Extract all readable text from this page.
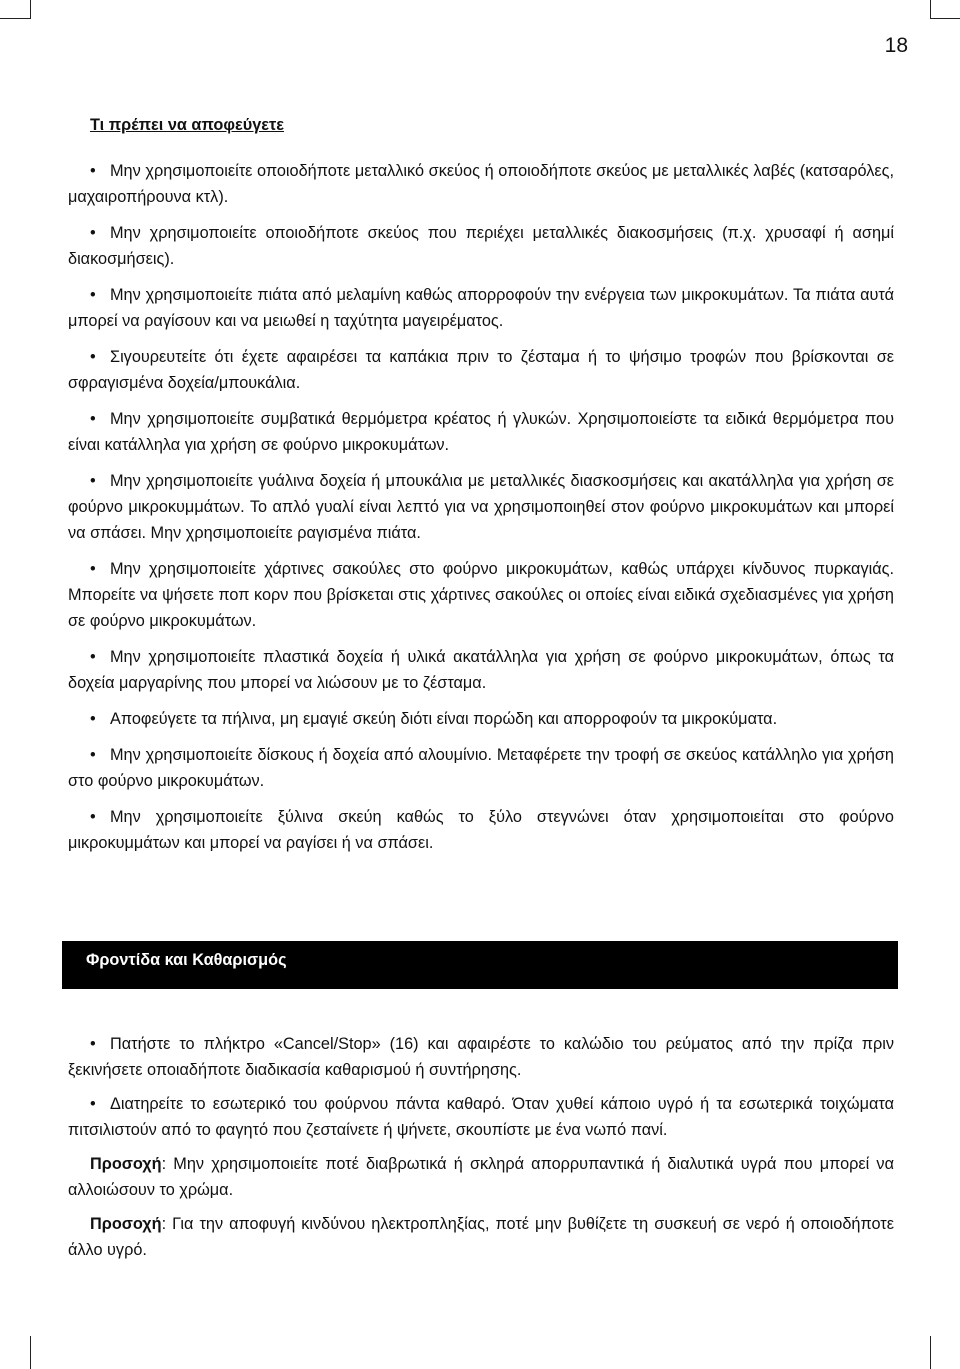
18
Τι πρέπει να αποφεύγετε

• Μην χρησιμοποιείτε οποιοδήποτε μεταλλικό σκεύος ή οποιοδήποτε σκεύος με μεταλλικές λαβές (κατσαρόλες, μαχαιροπήρουνα κτλ).

• Μην χρησιμοποιείτε οποιοδήποτε σκεύος που περιέχει μεταλλικές διακοσμήσεις (π.χ. χρυσαφί ή ασημί διακοσμήσεις).

• Μην χρησιμοποιείτε πιάτα από μελαμίνη καθώς απορροφούν την ενέργεια των μικροκυμάτων. Τα πιάτα αυτά μπορεί να ραγίσουν και να μειωθεί η ταχύτητα μαγειρέματος.

• Σιγουρευτείτε ότι έχετε αφαιρέσει τα καπάκια πριν το ζέσταμα ή το ψήσιμο τροφών που βρίσκονται σε σφραγισμένα δοχεία/μπουκάλια.

• Μην χρησιμοποιείτε συμβατικά θερμόμετρα κρέατος ή γλυκών. Χρησιμοποιείστε τα ειδικά θερμόμετρα που είναι κατάλληλα για χρήση σε φούρνο μικροκυμάτων.

• Μην χρησιμοποιείτε γυάλινα δοχεία ή μπουκάλια με μεταλλικές διασκοσμήσεις και ακατάλληλα για χρήση σε φούρνο μικροκυμμάτων. Το απλό γυαλί είναι λεπτό για να χρησιμοποιηθεί στον φούρνο μικροκυμάτων και μπορεί να σπάσει. Μην χρησιμοποιείτε ραγισμένα πιάτα.

• Μην χρησιμοποιείτε χάρτινες σακούλες στο φούρνο μικροκυμάτων, καθώς υπάρχει κίνδυνος πυρκαγιάς. Μπορείτε να ψήσετε ποπ κορν που βρίσκεται στις χάρτινες σακούλες οι οποίες είναι ειδικά σχεδιασμένες για χρήση σε φούρνο μικροκυμάτων.

• Μην χρησιμοποιείτε πλαστικά δοχεία ή υλικά ακατάλληλα για χρήση σε φούρνο μικροκυμάτων, όπως τα δοχεία μαργαρίνης που μπορεί να λιώσουν με το ζέσταμα.

• Αποφεύγετε τα πήλινα, μη εμαγιέ σκεύη διότι είναι πορώδη και απορροφούν τα μικροκύματα.

• Μην χρησιμοποιείτε δίσκους ή δοχεία από αλουμίνιο. Μεταφέρετε την τροφή σε σκεύος κατάλληλο για χρήση στο φούρνο μικροκυμάτων.

• Μην χρησιμοποιείτε ξύλινα σκεύη καθώς το ξύλο στεγνώνει όταν χρησιμοποιείται στο φούρνο μικροκυμμάτων και μπορεί να ραγίσει ή να σπάσει.

Φροντίδα και Καθαρισμός

• Πατήστε το πλήκτρο «Cancel/Stop» (16) και αφαιρέστε το καλώδιο του ρεύματος από την πρίζα πριν ξεκινήσετε οποιαδήποτε διαδικασία καθαρισμού ή συντήρησης.

• Διατηρείτε το εσωτερικό του φούρνου πάντα καθαρό. Όταν χυθεί κάποιο υγρό ή τα εσωτερικά τοιχώματα πιτσιλιστούν από το φαγητό που ζεσταίνετε ή ψήνετε, σκουπίστε με ένα νωπό πανί.

Προσοχή: Μην χρησιμοποιείτε ποτέ διαβρωτικά ή σκληρά απορρυπαντικά ή διαλυτικά υγρά που μπορεί να αλλοιώσουν το χρώμα.

Προσοχή: Για την αποφυγή κινδύνου ηλεκτροπληξίας, ποτέ μην βυθίζετε τη συσκευή σε νερό ή οποιοδήποτε άλλο υγρό.
